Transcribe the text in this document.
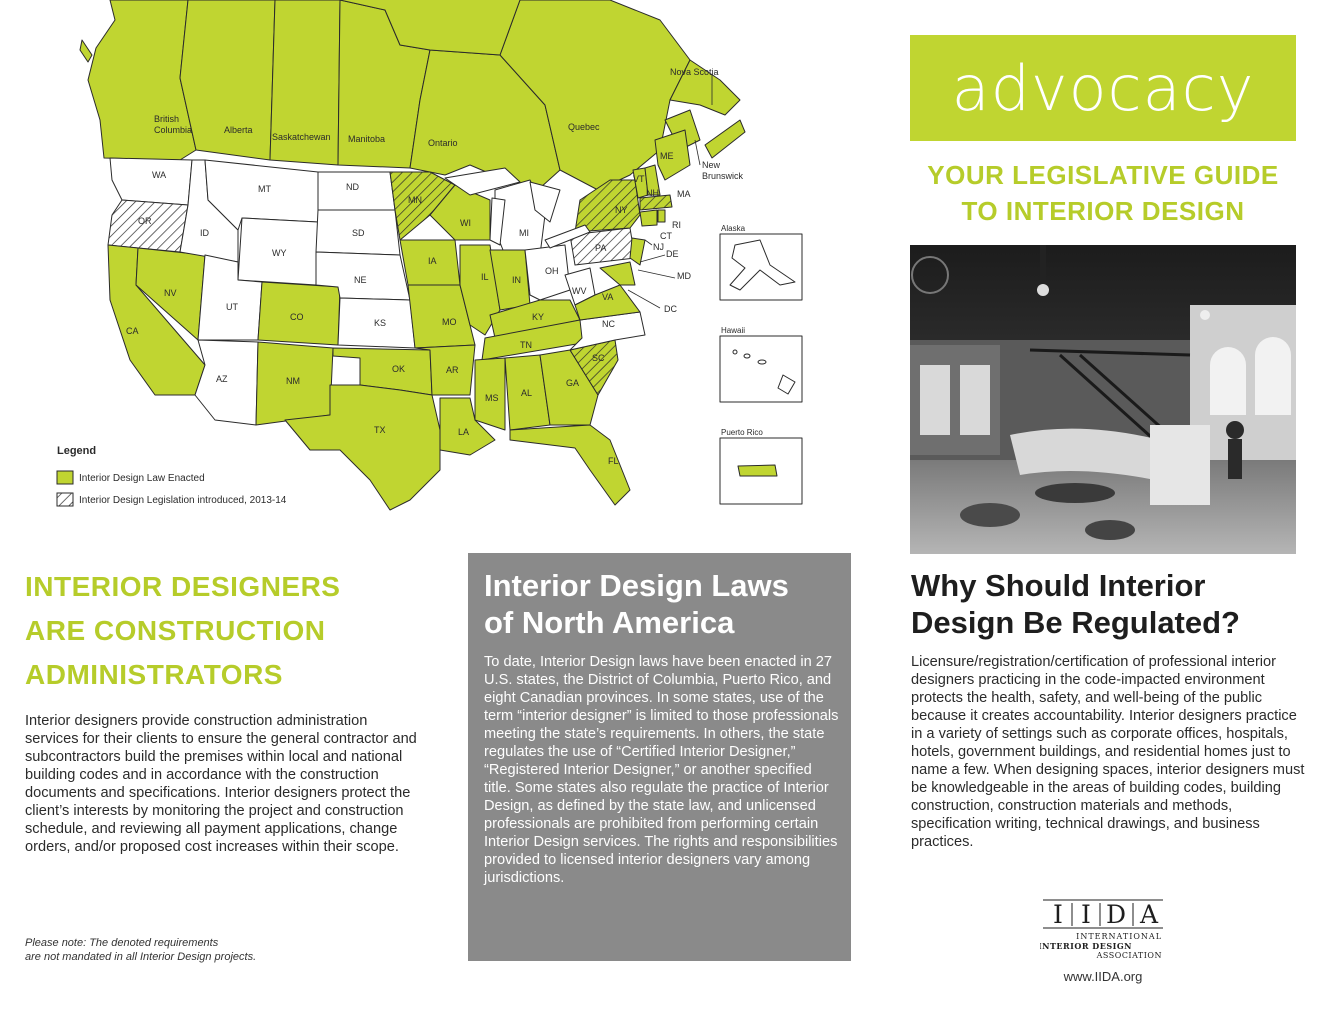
British Columbia	Alberta
Saskatchewan Manitoba	Ontario
Quebec
Nova Scotia
New Brunswick
WA
OR
CA
NV
ID
MT
WY
UT
CO
AZ	NM
ND
SD
NE
KS
OK
TX
MN
IA
MO
AR
LA
WI
IL
MI
IN
KY
TN
MS	AL
GA
FL
OH
WV
VA
NC
SC
PA
NY
VT
NH
ME
MA
RI
CT
NJ
DE
MD
DC
Alaska
Hawaii
Puerto Rico
Legend
Interior Design Law Enacted
Interior Design Legislation introduced, 2013-14
advocacy
YOUR LEGISLATIVE GUIDE
TO INTERIOR DESIGN
INTERIOR DESIGNERS
ARE CONSTRUCTION
ADMINISTRATORS

Interior designers provide construction administration services for their clients to ensure the general contractor and subcontractors build the premises within local and national building codes and in accordance with the construction documents and specifications. Interior designers protect the client’s interests by monitoring the project and construction schedule, and reviewing all payment applications, change orders, and/or proposed cost increases within their scope.

Please note: The denoted requirements
are not mandated in all Interior Design projects.
Interior Design Laws
of North America

To date, Interior Design laws have been enacted in 27 U.S. states, the District of Columbia, Puerto Rico, and eight Canadian provinces. In some states, use of the term “interior designer” is limited to those professionals meeting the state’s requirements. In others, the state regulates the use of “Certified Interior Designer,” “Registered Interior Designer,” or another specified title. Some states also regulate the practice of Interior Design, as defined by the state law, and unlicensed professionals are prohibited from performing certain Interior Design services. The rights and responsibilities provided to licensed interior designers vary among jurisdictions.

Why Should Interior
Design Be Regulated?

Licensure/registration/certification of professional interior designers practicing in the code-impacted environment protects the health, safety, and well-being of the public because it creates accountability. Interior designers practice in a variety of settings such as corporate offices, hospitals, hotels, government buildings, and residential homes just to name a few. When designing spaces, interior designers must be knowledgeable in the areas of building codes, building construction, construction materials and methods, specification writing, technical drawings, and business practices.

I I D A
INTERNATIONAL
INTERIOR DESIGN
ASSOCIATION
www.IIDA.org
